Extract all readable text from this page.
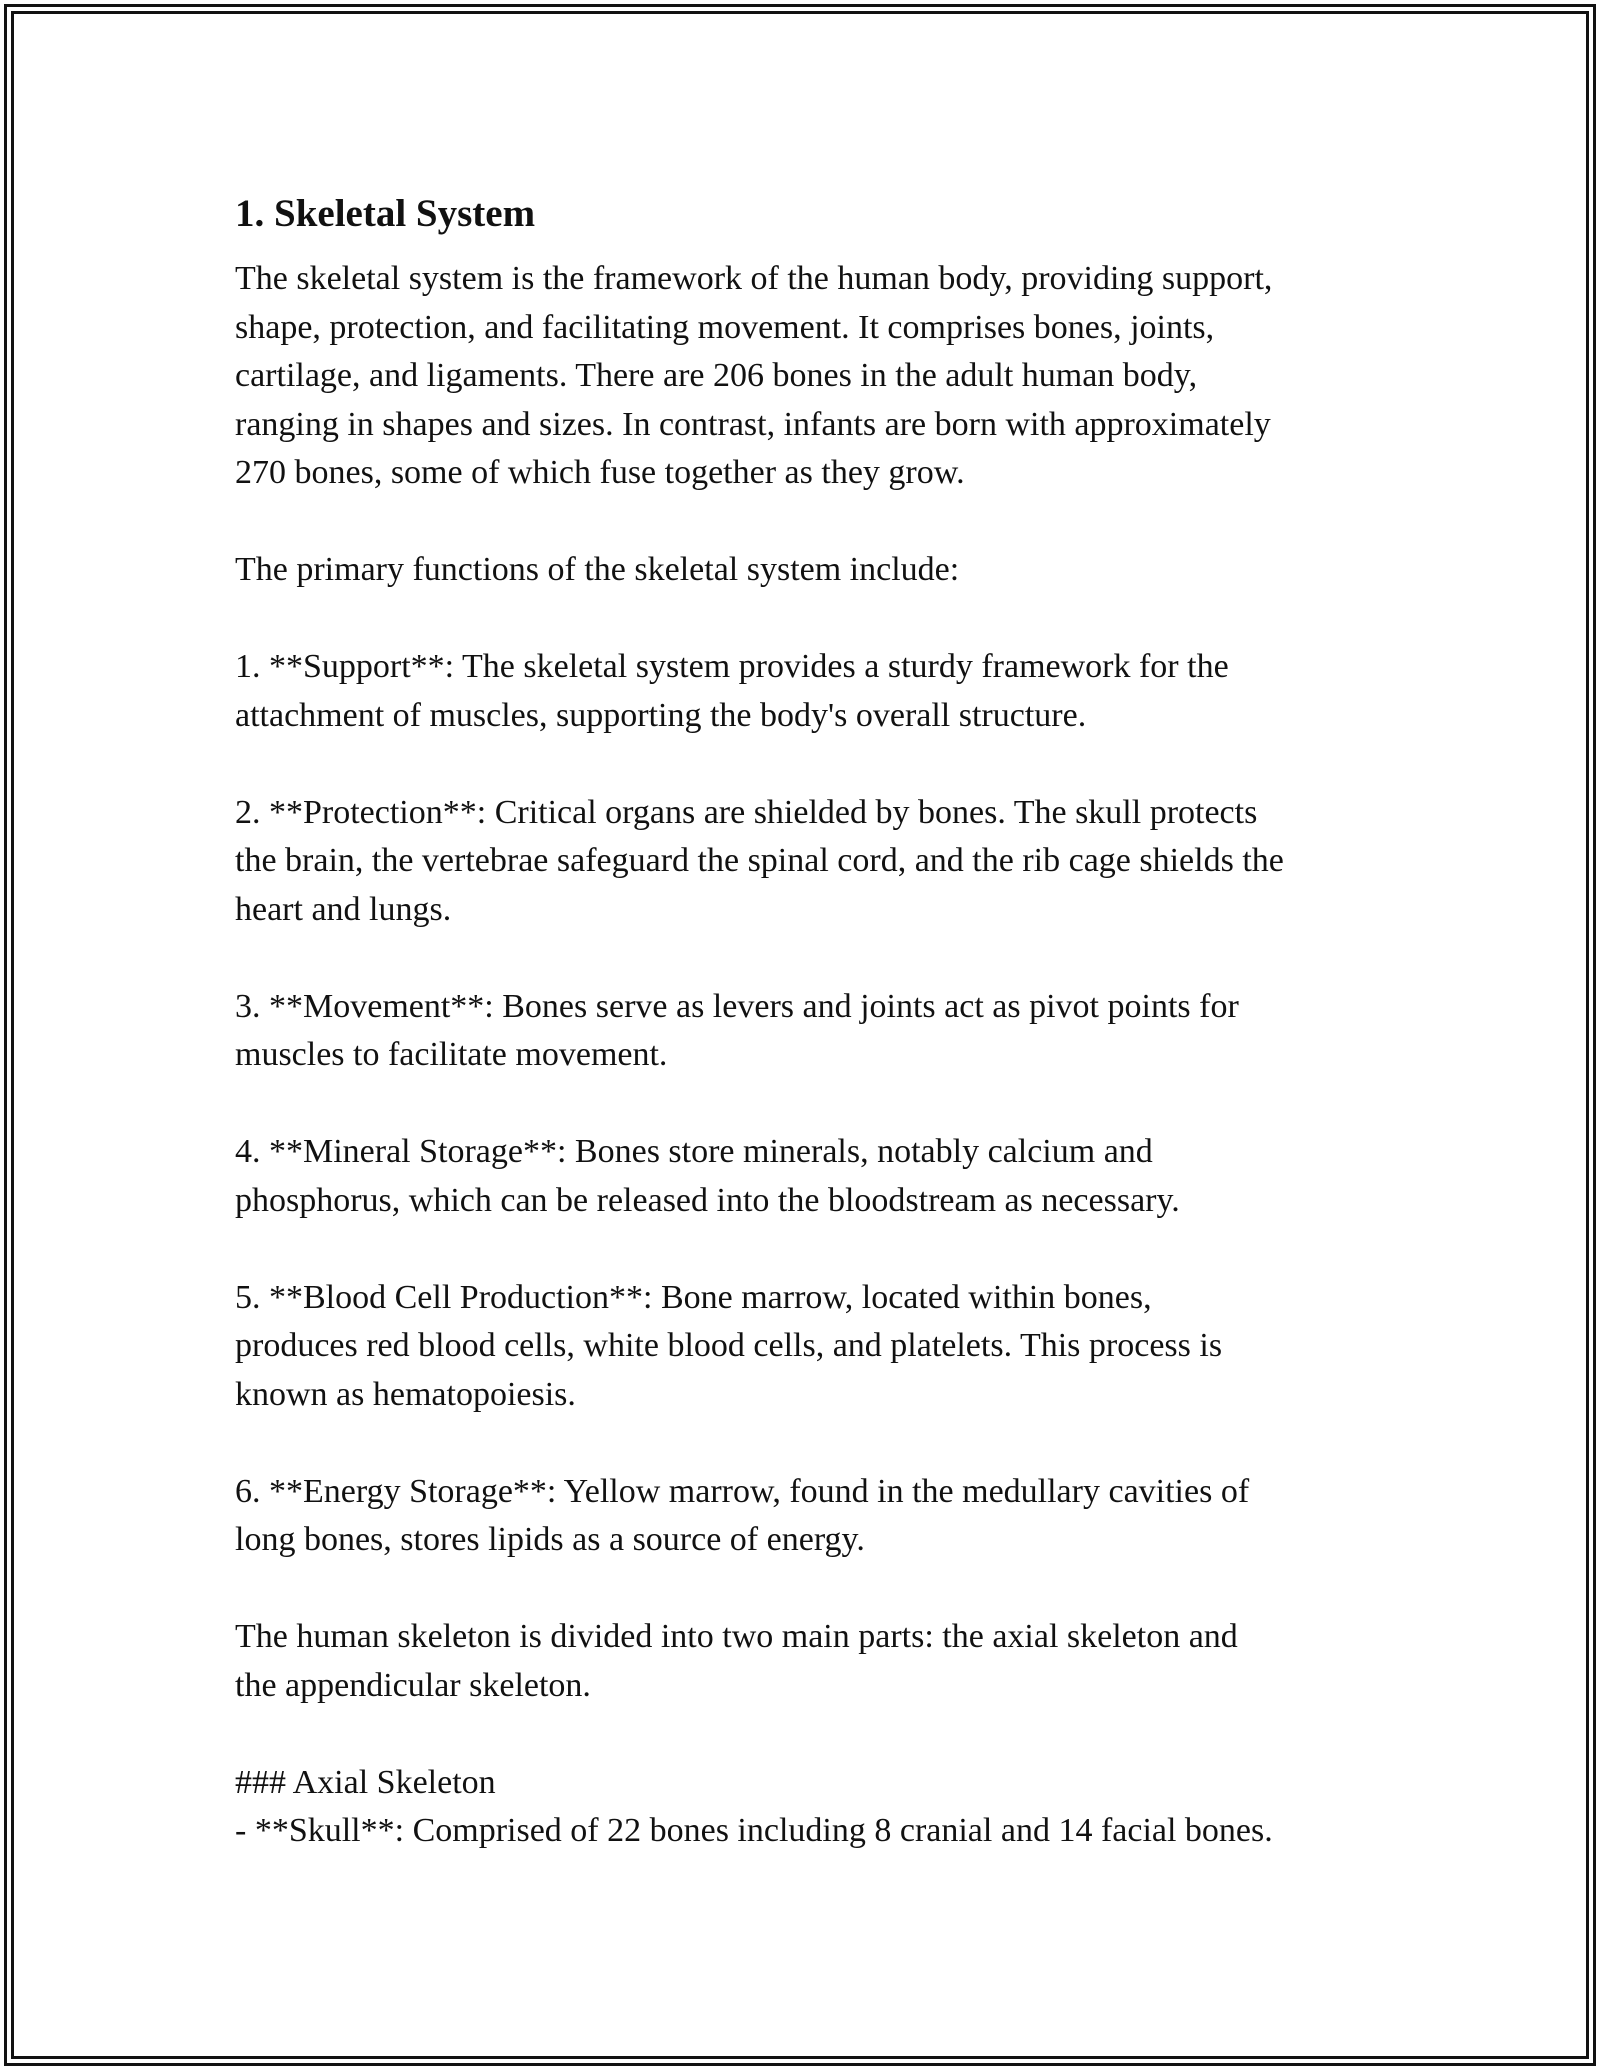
1. Skeletal System

The skeletal system is the framework of the human body, providing support,
shape, protection, and facilitating movement. It comprises bones, joints,
cartilage, and ligaments. There are 206 bones in the adult human body,
ranging in shapes and sizes. In contrast, infants are born with approximately
270 bones, some of which fuse together as they grow.

The primary functions of the skeletal system include:

1. **Support**: The skeletal system provides a sturdy framework for the
attachment of muscles, supporting the body's overall structure.

2. **Protection**: Critical organs are shielded by bones. The skull protects
the brain, the vertebrae safeguard the spinal cord, and the rib cage shields the
heart and lungs.

3. **Movement**: Bones serve as levers and joints act as pivot points for
muscles to facilitate movement.

4. **Mineral Storage**: Bones store minerals, notably calcium and
phosphorus, which can be released into the bloodstream as necessary.

5. **Blood Cell Production**: Bone marrow, located within bones,
produces red blood cells, white blood cells, and platelets. This process is
known as hematopoiesis.

6. **Energy Storage**: Yellow marrow, found in the medullary cavities of
long bones, stores lipids as a source of energy.

The human skeleton is divided into two main parts: the axial skeleton and
the appendicular skeleton.

### Axial Skeleton
- **Skull**: Comprised of 22 bones including 8 cranial and 14 facial bones.
